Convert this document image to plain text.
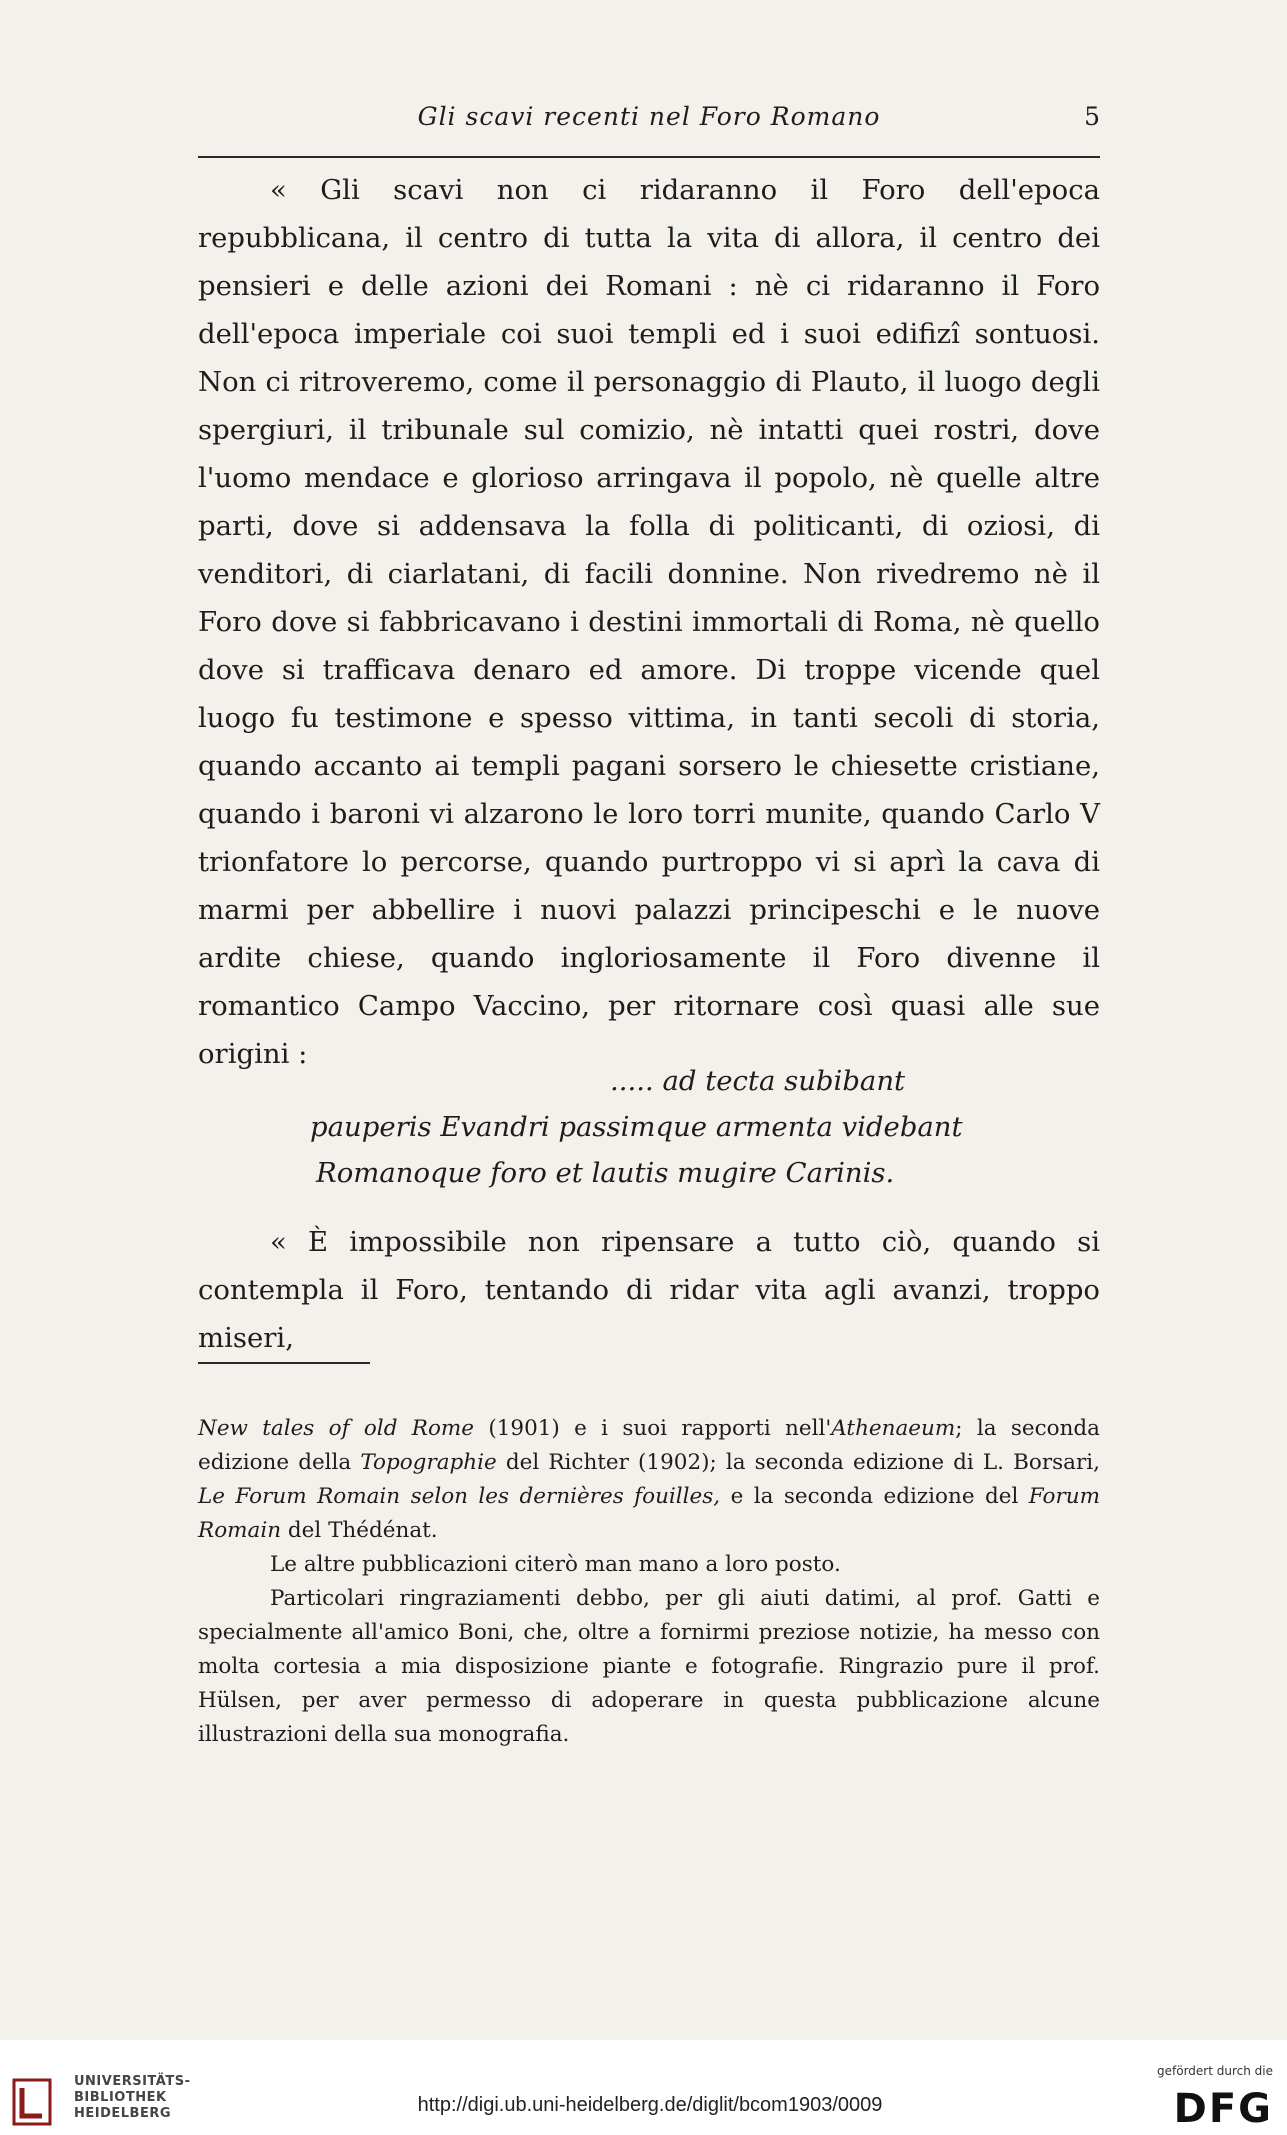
Gli scavi recenti nel Foro Romano	5

« Gli scavi non ci ridaranno il Foro dell'epoca repubblicana, il centro di tutta la vita di allora, il centro dei pensieri e delle azioni dei Romani : nè ci ridaranno il Foro dell'epoca imperiale coi suoi templi ed i suoi edifizî sontuosi. Non ci ritroveremo, come il personaggio di Plauto, il luogo degli spergiuri, il tribunale sul comizio, nè intatti quei rostri, dove l'uomo mendace e glorioso arringava il popolo, nè quelle altre parti, dove si addensava la folla di politicanti, di oziosi, di venditori, di ciarlatani, di facili donnine. Non rivedremo nè il Foro dove si fabbricavano i destini immortali di Roma, nè quello dove si trafficava denaro ed amore. Di troppe vicende quel luogo fu testimone e spesso vittima, in tanti secoli di storia, quando accanto ai templi pagani sorsero le chiesette cristiane, quando i baroni vi alzarono le loro torri munite, quando Carlo V trionfatore lo percorse, quando purtroppo vi si aprì la cava di marmi per abbellire i nuovi palazzi principeschi e le nuove ardite chiese, quando ingloriosamente il Foro divenne il romantico Campo Vaccino, per ritornare così quasi alle sue origini :

..... ad tecta subibant
pauperis Evandri passimque armenta videbant
Romanoque foro et lautis mugire Carinis.

« È impossibile non ripensare a tutto ciò, quando si contempla il Foro, tentando di ridar vita agli avanzi, troppo miseri,

New tales of old Rome (1901) e i suoi rapporti nell'Athenaeum; la seconda edizione della Topographie del Richter (1902); la seconda edizione di L. Borsari, Le Forum Romain selon les dernières fouilles, e la seconda edizione del Forum Romain del Thédénat.

Le altre pubblicazioni citerò man mano a loro posto.

Particolari ringraziamenti debbo, per gli aiuti datimi, al prof. Gatti e specialmente all'amico Boni, che, oltre a fornirmi preziose notizie, ha messo con molta cortesia a mia disposizione piante e fotografie. Ringrazio pure il prof. Hülsen, per aver permesso di adoperare in questa pubblicazione alcune illustrazioni della sua monografia.

UNIVERSITÄTS-
BIBLIOTHEK
HEIDELBERG	http://digi.ub.uni-heidelberg.de/diglit/bcom1903/0009
gefördert durch die
DFG
